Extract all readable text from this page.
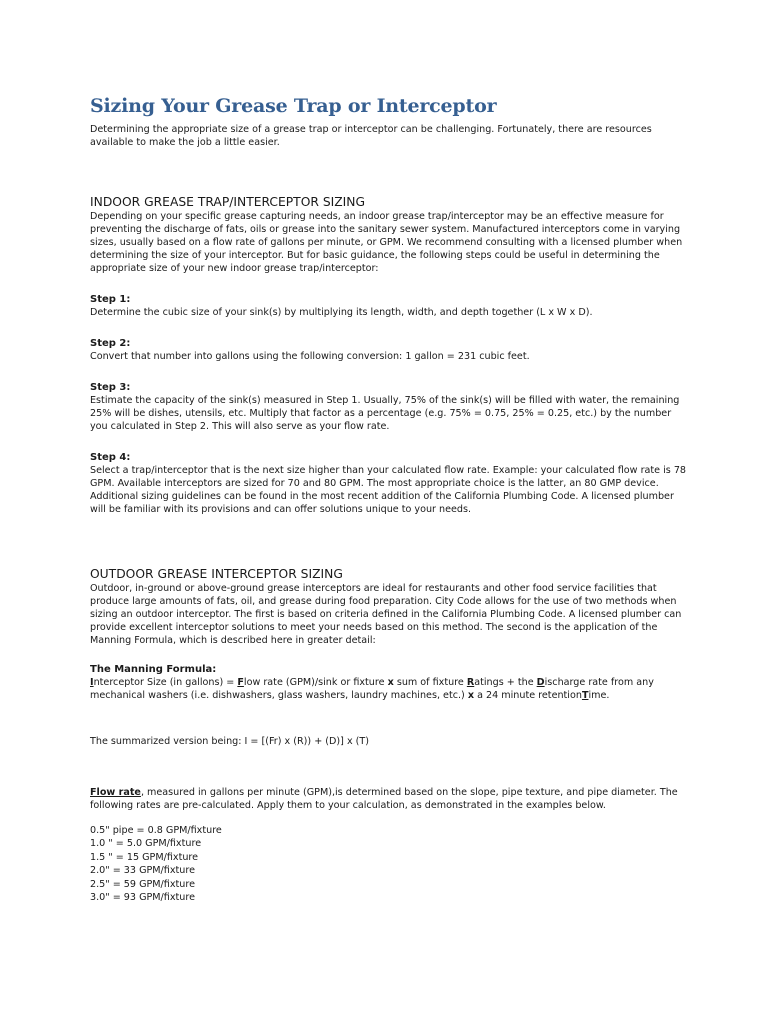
Sizing Your Grease Trap or Interceptor

Determining the appropriate size of a grease trap or interceptor can be challenging. Fortunately, there are resources

available to make the job a little easier.

INDOOR GREASE TRAP/INTERCEPTOR SIZING

Depending on your specific grease capturing needs, an indoor grease trap/interceptor may be an effective measure for

preventing the discharge of fats, oils or grease into the sanitary sewer system. Manufactured interceptors come in varying

sizes, usually based on a flow rate of gallons per minute, or GPM. We recommend consulting with a licensed plumber when

determining the size of your interceptor. But for basic guidance, the following steps could be useful in determining the

appropriate size of your new indoor grease trap/interceptor:

Step 1:

Determine the cubic size of your sink(s) by multiplying its length, width, and depth together (L x W x D).

Step 2:

Convert that number into gallons using the following conversion: 1 gallon = 231 cubic feet.

Step 3:

Estimate the capacity of the sink(s) measured in Step 1. Usually, 75% of the sink(s) will be filled with water, the remaining

25% will be dishes, utensils, etc. Multiply that factor as a percentage (e.g. 75% = 0.75, 25% = 0.25, etc.) by the number

you calculated in Step 2. This will also serve as your flow rate.

Step 4:

Select a trap/interceptor that is the next size higher than your calculated flow rate. Example: your calculated flow rate is 78

GPM. Available interceptors are sized for 70 and 80 GPM. The most appropriate choice is the latter, an 80 GMP device.

Additional sizing guidelines can be found in the most recent addition of the California Plumbing Code. A licensed plumber

will be familiar with its provisions and can offer solutions unique to your needs.

OUTDOOR GREASE INTERCEPTOR SIZING

Outdoor, in-ground or above-ground grease interceptors are ideal for restaurants and other food service facilities that

produce large amounts of fats, oil, and grease during food preparation. City Code allows for the use of two methods when

sizing an outdoor interceptor. The first is based on criteria defined in the California Plumbing Code. A licensed plumber can

provide excellent interceptor solutions to meet your needs based on this method. The second is the application of the

Manning Formula, which is described here in greater detail:

The Manning Formula:

Interceptor Size (in gallons) = Flow rate (GPM)/sink or fixture x sum of fixture Ratings + the Discharge rate from any

mechanical washers (i.e. dishwashers, glass washers, laundry machines, etc.) x a 24 minute retentionTime.

The summarized version being: I = [(Fr) x (R)) + (D)] x (T)

Flow rate, measured in gallons per minute (GPM),is determined based on the slope, pipe texture, and pipe diameter. The

following rates are pre-calculated. Apply them to your calculation, as demonstrated in the examples below.

0.5" pipe = 0.8 GPM/fixture

1.0 " = 5.0 GPM/fixture

1.5 " = 15 GPM/fixture

2.0" = 33 GPM/fixture

2.5" = 59 GPM/fixture

3.0" = 93 GPM/fixture
